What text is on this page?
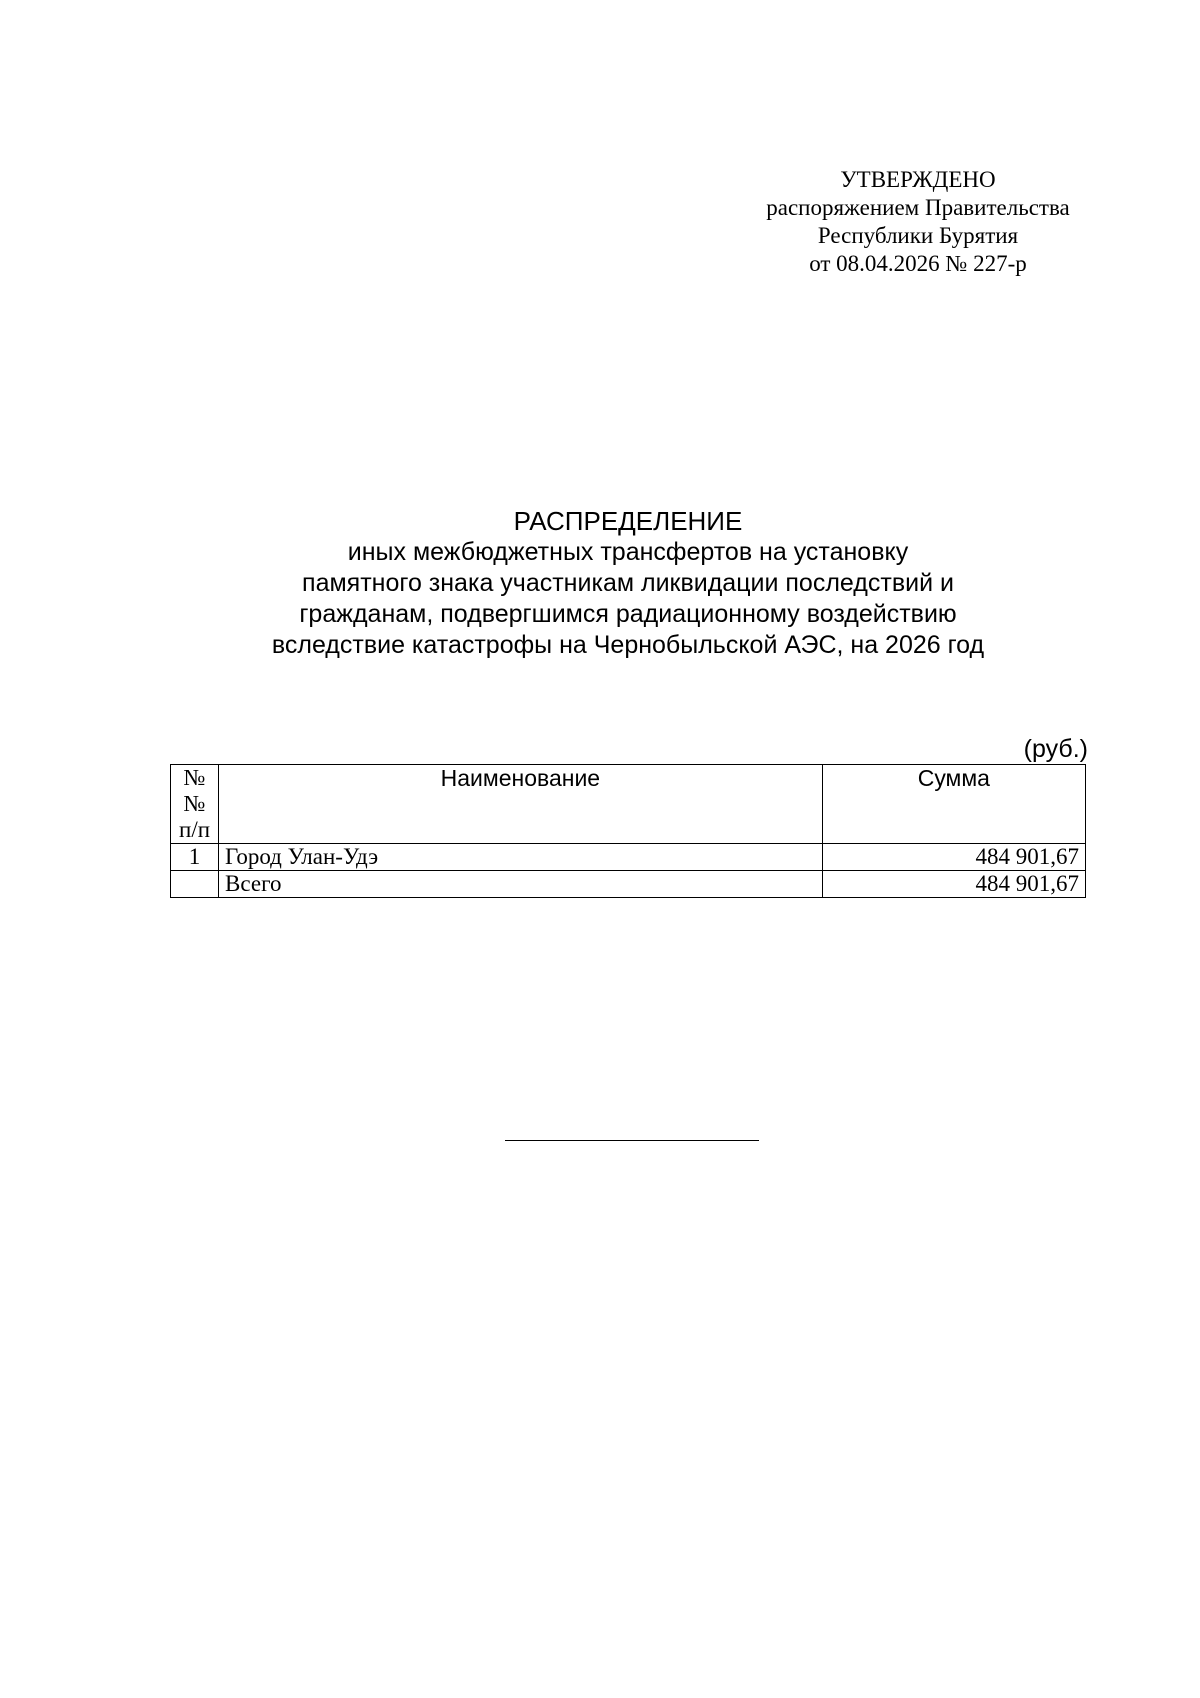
УТВЕРЖДЕНО
распоряжением Правительства
Республики Бурятия
от 08.04.2026 № 227-р
РАСПРЕДЕЛЕНИЕ
иных межбюджетных трансфертов на установку
памятного знака участникам ликвидации последствий и
гражданам, подвергшимся радиационному воздействию
вследствие катастрофы на Чернобыльской АЭС, на 2026 год
(руб.)
№№
п/п	Наименование	Сумма
1	Город Улан-Удэ	484 901,67
	Всего	484 901,67
